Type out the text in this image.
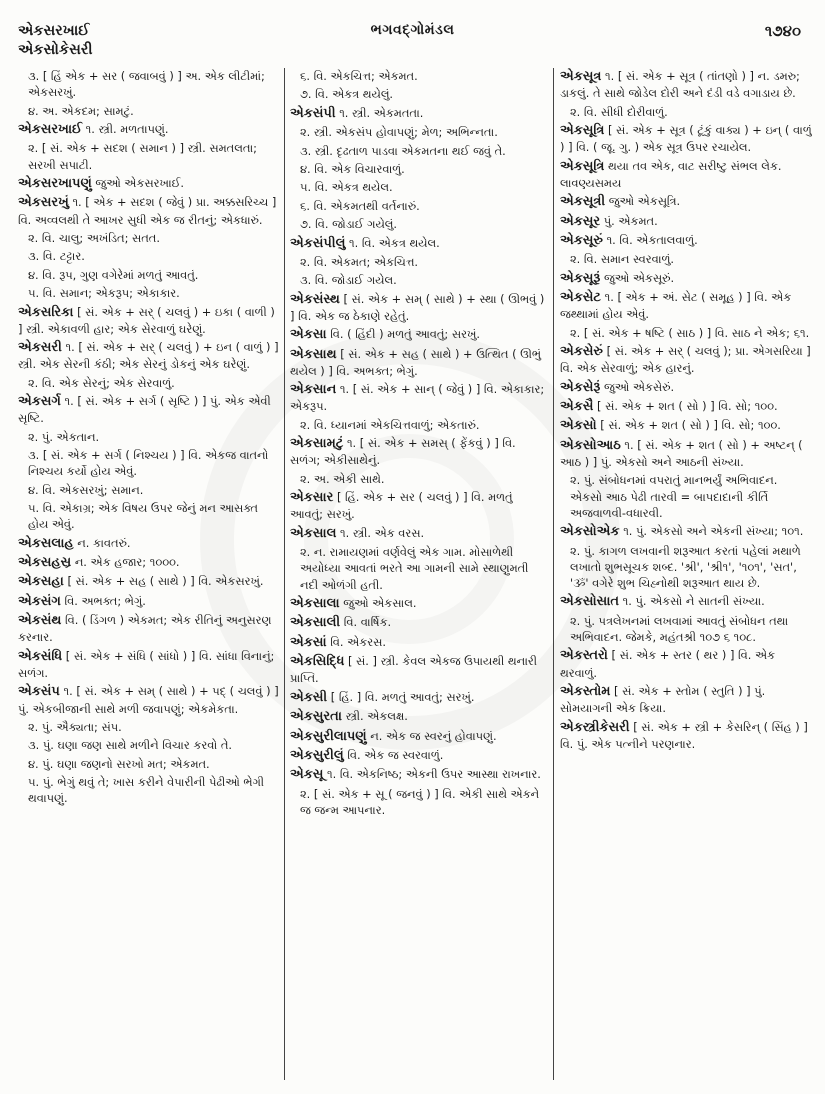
એકસરખાઈ
એકસોકેસરી
ભગવદ્ગોમંડલ	૧૭૪૦
૩. [ હિં એક + સર ( જવાબવું ) ] અ. એક લીટીમાં; એકસરખું.
૪. અ. એકદમ; સામટું.
એકસરખાઈ ૧. સ્ત્રી. મળતાપણું.
૨. [ સં. એક + સદશ ( સમાન ) ] સ્ત્રી. સમતલતા; સરખી સપાટી.
એકસરખાપણું જુઓ એકસરખાઈ.
એકસરખું ૧. [ એક + સદશ ( જેવું ) પ્રા. અક્કસરિચ્ચ ] વિ. અવ્વલથી તે આખર સુધી એક જ રીતનું; એકધારું.
૨. વિ. ચાલુ; અખંડિત; સતત.
૩. વિ. ટટ્ટાર.
૪. વિ. રૂપ, ગુણ વગેરેમાં મળતું આવતું.
૫. વિ. સમાન; એકરૂપ; એકાકાર.
એકસરિકા [ સં. એક + સર્ ( ચલવું ) + ઇકા ( વાળી ) ] સ્ત્રી. એકાવળી હાર; એક સેરવાળું ઘરેણું.
એકસરી ૧. [ સં. એક + સર્ ( ચલવું ) + ઇન ( વાળું ) ] સ્ત્રી. એક સેરની કંઠી; એક સેરનું ડોકનું એક ઘરેણું.
૨. વિ. એક સેરનું; એક સેરવાળું.
એકસર્ગ ૧. [ સં. એક + સર્ગ ( સૃષ્ટિ ) ] પું. એક એવી સૃષ્ટિ.
૨. પું. એકતાન.
૩. [ સં. એક + સર્ગ ( નિશ્ચય ) ] વિ. એકજ વાતનો નિશ્ચય કર્યો હોય એવું.
૪. વિ. એકસરખું; સમાન.
૫. વિ. એકાગ્ર; એક વિષય ઉપર જેનું મન આસક્ત હોય એવું.
એકસલાહ ન. કાવતરું.
એકસહસ્ર ન. એક હજાર; ૧૦૦૦.
એકસહા [ સં. એક + સહ ( સાથે ) ] વિ. એકસરખું.
એકસંગ વિ. અભક્ત; ભેગું.
એકસંથ વિ. ( ડિંગળ ) એકમત; એક રીતિનું અનુસરણ કરનાર.
એકસંધિ [ સં. એક + સંધિ ( સાંધો ) ] વિ. સાંધા વિનાનું; સળંગ.
એકસંપ ૧. [ સં. એક + સમ્ ( સાથે ) + પદ્ ( ચલવું ) ] પું. એકબીજાની સાથે મળી જવાપણું; એકમેકતા.
૨. પું. ઐક્યતા; સંપ.
૩. પું. ઘણા જણ સાથે મળીને વિચાર કરવો તે.
૪. પું. ઘણા જણનો સરખો મત; એકમત.
૫. પું. ભેગું થવું તે; ખાસ કરીને વેપારીની પેઢીઓ ભેગી થવાપણું.
૬. વિ. એકચિત્ત; એકમત.
૭. વિ. એકત્ર થયેલું.
એકસંપી ૧. સ્ત્રી. એકમતતા.
૨. સ્ત્રી. એકસંપ હોવાપણું; મેળ; અભિન્નતા.
૩. સ્ત્રી. દૃઢતાળ પાડવા એકમતના થઈ જવું તે.
૪. વિ. એક વિચારવાળું.
૫. વિ. એકત્ર થયેલ.
૬. વિ. એકમતથી વર્તનારું.
૭. વિ. જોડાઈ ગયેલું.
એકસંપીલું ૧. વિ. એકત્ર થયેલ.
૨. વિ. એકમત; એકચિત્ત.
૩. વિ. જોડાઈ ગયેલ.
એકસંસ્થ [ સં. એક + સમ્ ( સાથે ) + સ્થા ( ઊભવું ) ] વિ. એક જ ઠેકાણે રહેતું.
એકસા વિ. ( હિંદી ) મળતું આવતું; સરખું.
એકસાથ [ સં. એક + સહ ( સાથે ) + ઉત્થિત ( ઊભું થયેલ ) ] વિ. અભક્ત; ભેગું.
એકસાન ૧. [ સં. એક + સાન્ ( જેવું ) ] વિ. એકાકાર; એકરૂપ.
૨. વિ. ધ્યાનમાં એકચિત્તવાળું; એકતારું.
એકસામટું ૧. [ સં. એક + સમસ્ ( ફેંકવું ) ] વિ. સળંગ; એકીસાથેનું.
૨. અ. એકી સાથે.
એકસાર [ હિં. એક + સર ( ચલવું ) ] વિ. મળતું આવતું; સરખું.
એકસાલ ૧. સ્ત્રી. એક વરસ.
૨. ન. રામાયણમાં વર્ણવેલું એક ગામ. મોસાળેથી અયોધ્યા આવતાં ભરતે આ ગામની સામે સ્થાણુમતી નદી ઓળંગી હતી.
એકસાલા જુઓ એકસાલ.
એકસાલી વિ. વાર્ષિક.
એકસાં વિ. એકરસ.
એકસિદ્ધિ [ સં. ] સ્ત્રી. કેવલ એકજ ઉપાયથી થનારી પ્રાપ્તિ.
એકસી [ હિં. ] વિ. મળતું આવતું; સરખું.
એકસુરતા સ્ત્રી. એકલક્ષ.
એકસુરીલાપણું ન. એક જ સ્વરનું હોવાપણું.
એકસુરીલું વિ. એક જ સ્વરવાળું.
એકસૂ ૧. વિ. એકનિષ્ઠ; એકની ઉપર આસ્થા રાખનાર.
૨. [ સં. એક + સૂ ( જનવું ) ] વિ. એકી સાથે એકને જ જન્મ આપનાર.
એકસૂત્ર ૧. [ સં. એક + સૂત્ર ( તાંતણો ) ] ન. ડમરુ; ડાકલું. તે સાથે જોડેલ દોરી અને દંડી વડે વગાડાય છે.
૨. વિ. સીધી દોરીવાળું.
એકસૂત્રિ [ સં. એક + સૂત્ર ( ટૂંકું વાક્ય ) + ઇન્ ( વાળું ) ] વિ. ( જૂ. ગુ. ) એક સૂત્ર ઉપર રચાયેલ.
એકસૂત્રિ થયા તવ એક, વાટ સરીષ્ટુ સંભલ લેક. લાવણ્યસમય
એકસૂત્રી જુઓ એકસૂત્રિ.
એકસૂર પું. એકમત.
એકસૂરું ૧. વિ. એકતાલવાળું.
૨. વિ. સમાન સ્વરવાળું.
એકસૂરૂં જુઓ એકસૂરું.
એકસેટ ૧. [ એક + અં. સેટ ( સમૂહ ) ] વિ. એક જથ્થામાં હોય એવું.
૨. [ સં. એક + ષષ્ટિ ( સાઠ ) ] વિ. સાઠ ને એક; ૬૧.
એકસેરું [ સં. એક + સર્ ( ચલવું ); પ્રા. એગસરિયા ] વિ. એક સેરવાળું; એક હારનું.
એકસેરૂં જુઓ એકસેરું.
એકસૈ [ સં. એક + શત ( સો ) ] વિ. સો; ૧૦૦.
એકસો [ સં. એક + શત ( સો ) ] વિ. સો; ૧૦૦.
એકસોઆઠ ૧. [ સં. એક + શત ( સો ) + અષ્ટન્ ( આઠ ) ] પું. એકસો અને આઠની સંખ્યા.
૨. પું. સંબોધનમાં વપરાતું માનભર્યું અભિવાદન. એકસો આઠ પેઢી તારવી = બાપદાદાની કીર્તિ અજવાળવી-વધારવી.
એકસોએક ૧. પું. એકસો અને એકની સંખ્યા; ૧૦૧.
૨. પું. કાગળ લખવાની શરૂઆત કરતાં પહેલાં મથાળે લખાતો શુભસૂચક શબ્દ. 'શ્રી', 'શ્રી૧', '૧૦૧', 'સત', 'ૐ' વગેરે શુભ ચિહ્નોથી શરૂઆત થાય છે.
એકસોસાત ૧. પું. એકસો ને સાતની સંખ્યા.
૨. પું. પત્રલેખનમાં લખવામાં આવતું સંબોધન તથા અભિવાદન. જેમકે, મહંતશ્રી ૧૦૭ ૬ ૧૦૮.
એકસ્તરો [ સં. એક + સ્તર ( થર ) ] વિ. એક થરવાળું.
એકસ્તોમ [ સં. એક + સ્તોમ ( સ્તુતિ ) ] પું. સોમયાગની એક ક્રિયા.
એકસ્ત્રીકેસરી [ સં. એક + સ્ત્રી + કેસરિન્ ( સિંહ ) ] વિ. પું. એક પત્નીને પરણનાર.
